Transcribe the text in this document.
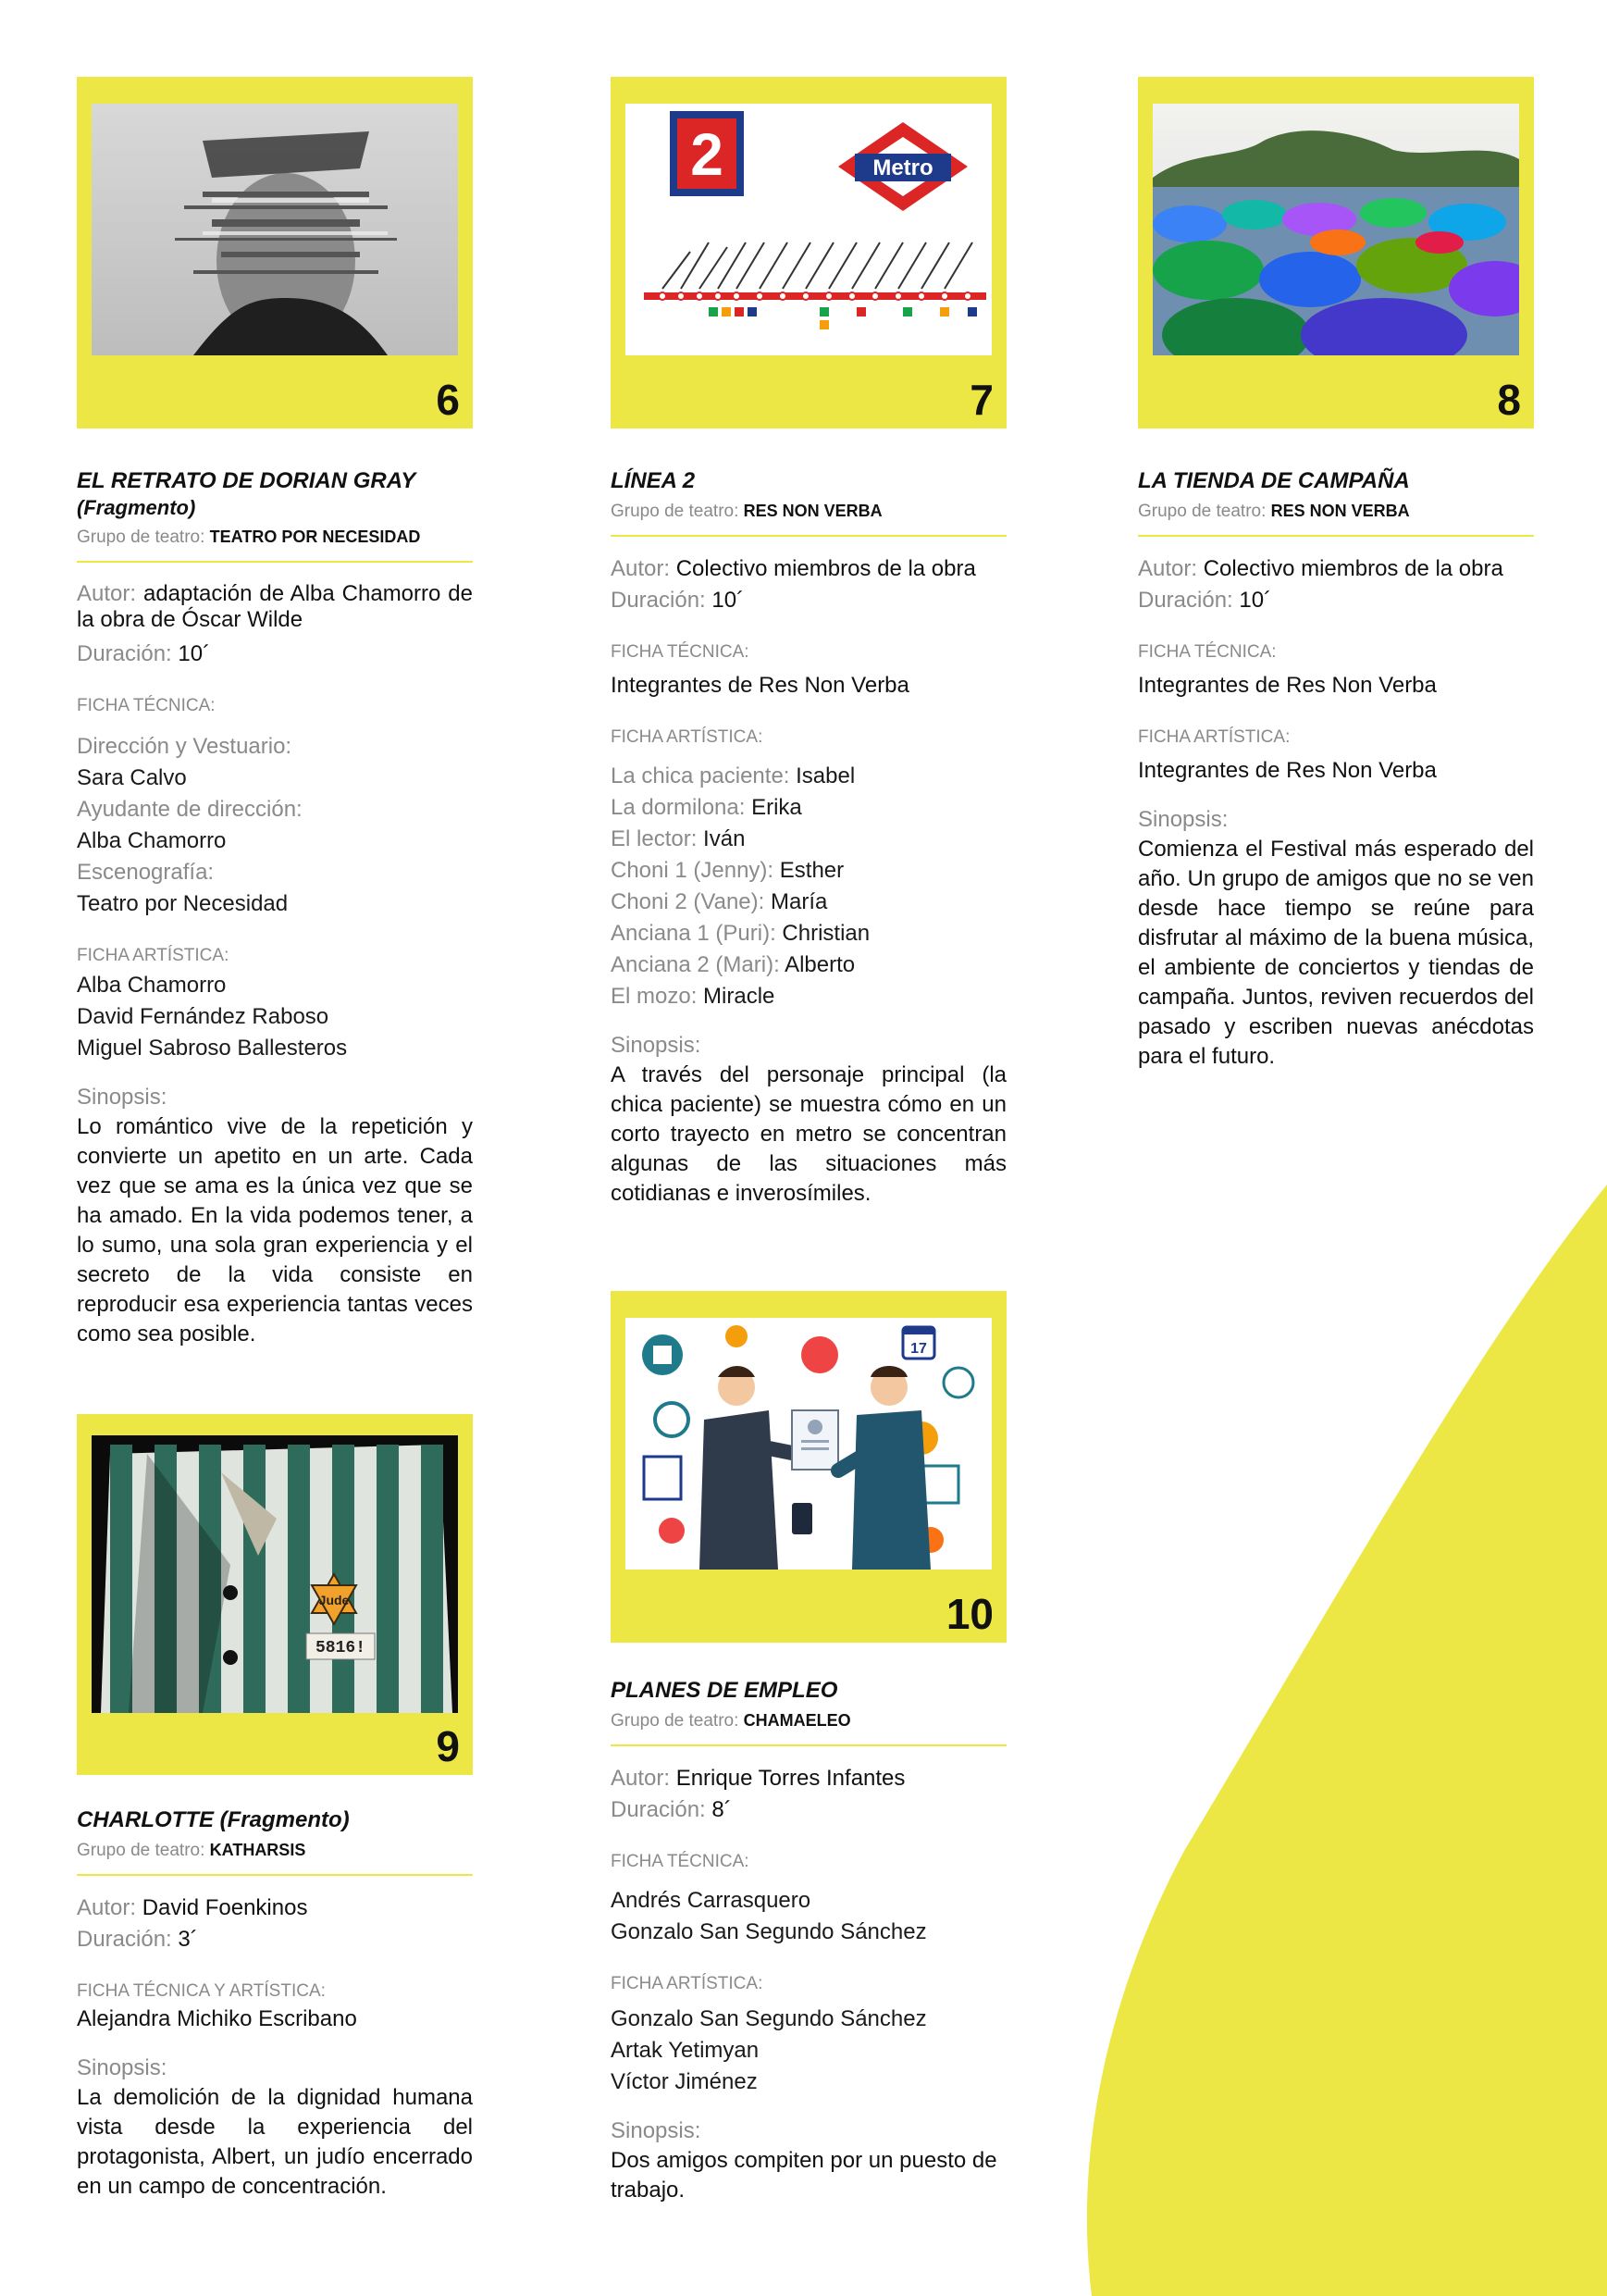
6
EL RETRATO DE DORIAN GRAY
(Fragmento)
Grupo de teatro: TEATRO POR NECESIDAD
Autor: adaptación de Alba Chamorro de la obra de Óscar Wilde
Duración: 10´
FICHA TÉCNICA:
Dirección y Vestuario:
Sara Calvo
Ayudante de dirección:
Alba Chamorro
Escenografía:
Teatro por Necesidad
FICHA ARTÍSTICA:
Alba Chamorro
David Fernández Raboso
Miguel Sabroso Ballesteros
Sinopsis:
Lo romántico vive de la repetición y convierte un apetito en un arte. Cada vez que se ama es la única vez que se ha amado. En la vida podemos tener, a lo sumo, una sola gran experiencia y el secreto de la vida consiste en reproducir esa experiencia tantas veces como sea posible.
2	Metro
7
LÍNEA 2
Grupo de teatro: RES NON VERBA
Autor: Colectivo miembros de la obra
Duración: 10´
FICHA TÉCNICA:
Integrantes de Res Non Verba
FICHA ARTÍSTICA:
La chica paciente: Isabel
La dormilona: Erika
El lector: Iván
Choni 1 (Jenny): Esther
Choni 2 (Vane): María
Anciana 1 (Puri): Christian
Anciana 2 (Mari): Alberto
El mozo: Miracle
Sinopsis:
A través del personaje principal (la chica paciente) se muestra cómo en un corto trayecto en metro se concentran algunas de las situaciones más cotidianas e inverosímiles.
8
LA TIENDA DE CAMPAÑA
Grupo de teatro: RES NON VERBA
Autor: Colectivo miembros de la obra
Duración: 10´
FICHA TÉCNICA:
Integrantes de Res Non Verba
FICHA ARTÍSTICA:
Integrantes de Res Non Verba
Sinopsis:
Comienza el Festival más esperado del año. Un grupo de amigos que no se ven desde hace tiempo se reúne para disfrutar al máximo de la buena música, el ambiente de conciertos y tiendas de campaña. Juntos, reviven recuerdos del pasado y escriben nuevas anécdotas para el futuro.
Jude
5816!
9
CHARLOTTE (Fragmento)
Grupo de teatro: KATHARSIS
Autor: David Foenkinos
Duración: 3´
FICHA TÉCNICA Y ARTÍSTICA:
Alejandra Michiko Escribano
Sinopsis:
La demolición de la dignidad humana vista desde la experiencia del protagonista, Albert, un judío encerrado en un campo de concentración.
17
10
PLANES DE EMPLEO
Grupo de teatro: CHAMAELEO
Autor: Enrique Torres Infantes
Duración: 8´
FICHA TÉCNICA:
Andrés Carrasquero
Gonzalo San Segundo Sánchez
FICHA ARTÍSTICA:
Gonzalo San Segundo Sánchez
Artak Yetimyan
Víctor Jiménez
Sinopsis:
Dos amigos compiten por un puesto de trabajo.
